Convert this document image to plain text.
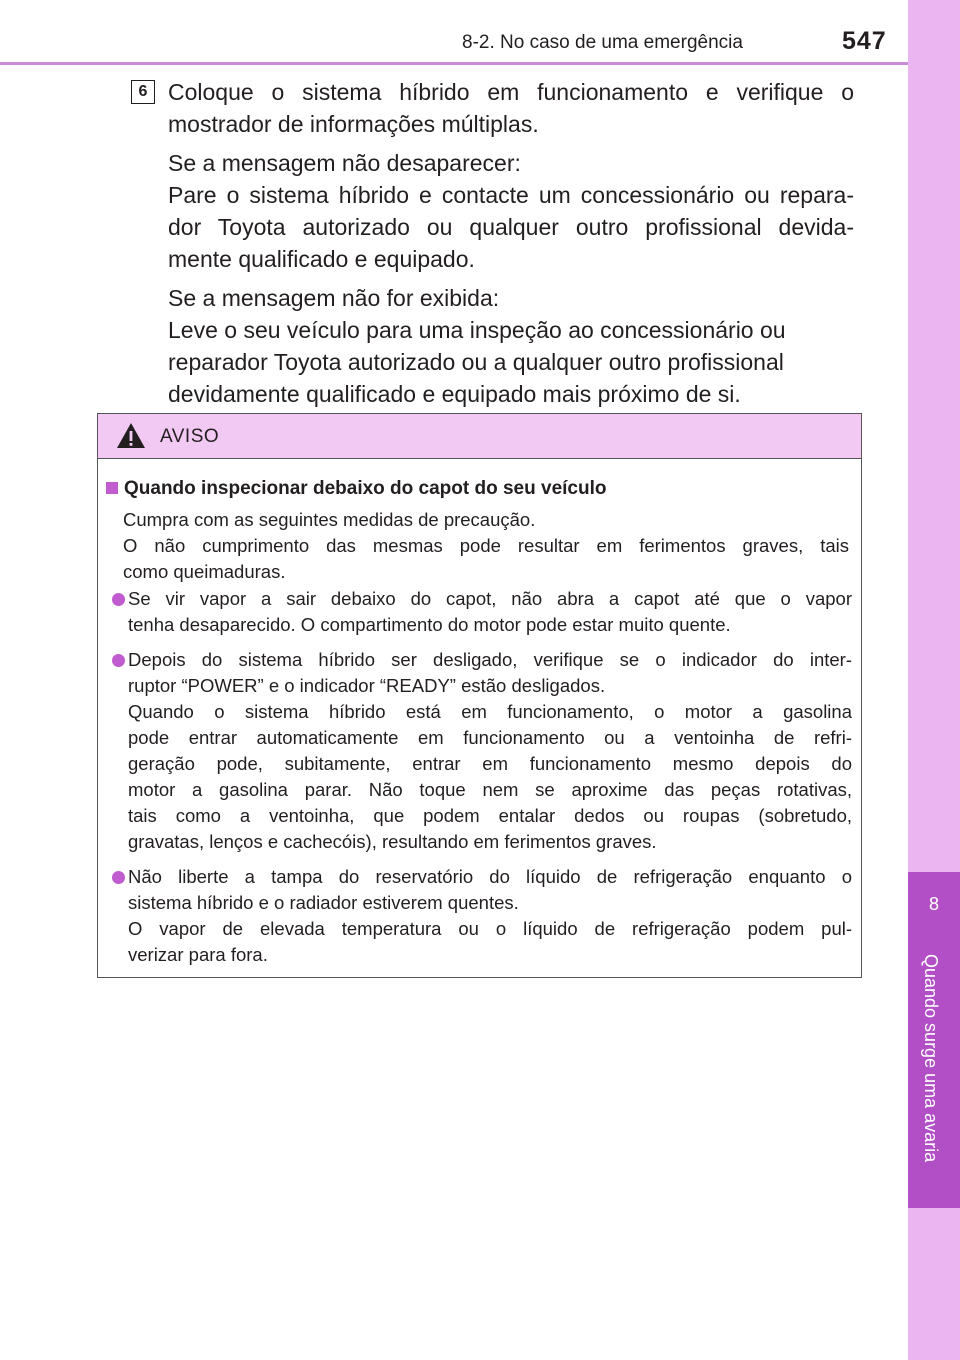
8-2. No caso de uma emergência	547
8
Quando surge uma avaria
6 Coloque o sistema híbrido em funcionamento e verifique o
mostrador de informações múltiplas.

Se a mensagem não desaparecer:
Pare o sistema híbrido e contacte um concessionário ou repara-
dor Toyota autorizado ou qualquer outro profissional devida-
mente qualificado e equipado.

Se a mensagem não for exibida:
Leve o seu veículo para uma inspeção ao concessionário ou
reparador Toyota autorizado ou a qualquer outro profissional
devidamente qualificado e equipado mais próximo de si.

AVISO
Quando inspecionar debaixo do capot do seu veículo
Cumpra com as seguintes medidas de precaução.
O não cumprimento das mesmas pode resultar em ferimentos graves, tais
como queimaduras.
Se vir vapor a sair debaixo do capot, não abra a capot até que o vapor
tenha desaparecido. O compartimento do motor pode estar muito quente.
Depois do sistema híbrido ser desligado, verifique se o indicador do inter-
ruptor “POWER” e o indicador “READY” estão desligados.
Quando o sistema híbrido está em funcionamento, o motor a gasolina
pode entrar automaticamente em funcionamento ou a ventoinha de refri-
geração pode, subitamente, entrar em funcionamento mesmo depois do
motor a gasolina parar. Não toque nem se aproxime das peças rotativas,
tais como a ventoinha, que podem entalar dedos ou roupas (sobretudo,
gravatas, lenços e cachecóis), resultando em ferimentos graves.
Não liberte a tampa do reservatório do líquido de refrigeração enquanto o
sistema híbrido e o radiador estiverem quentes.
O vapor de elevada temperatura ou o líquido de refrigeração podem pul-
verizar para fora.
